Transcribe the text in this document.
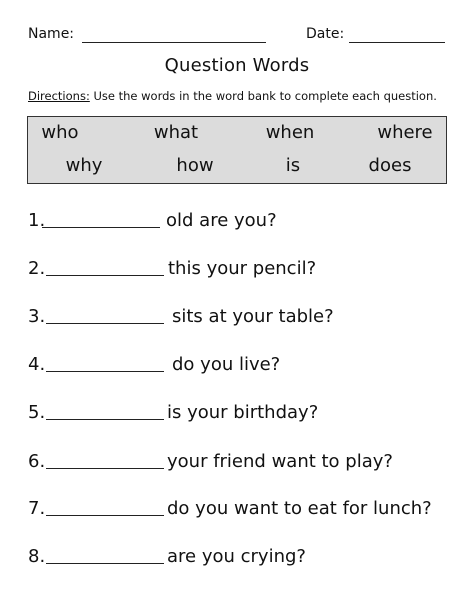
Name:	Date:
Question Words
Directions: Use the words in the word bank to complete each question.
who	what	when	where
why	how	is	does
1.	old are you?
2.	this your pencil?
3.	sits at your table?
4.	do you live?
5.	is your birthday?
6.	your friend want to play?
7.	do you want to eat for lunch?
8.	are you crying?
